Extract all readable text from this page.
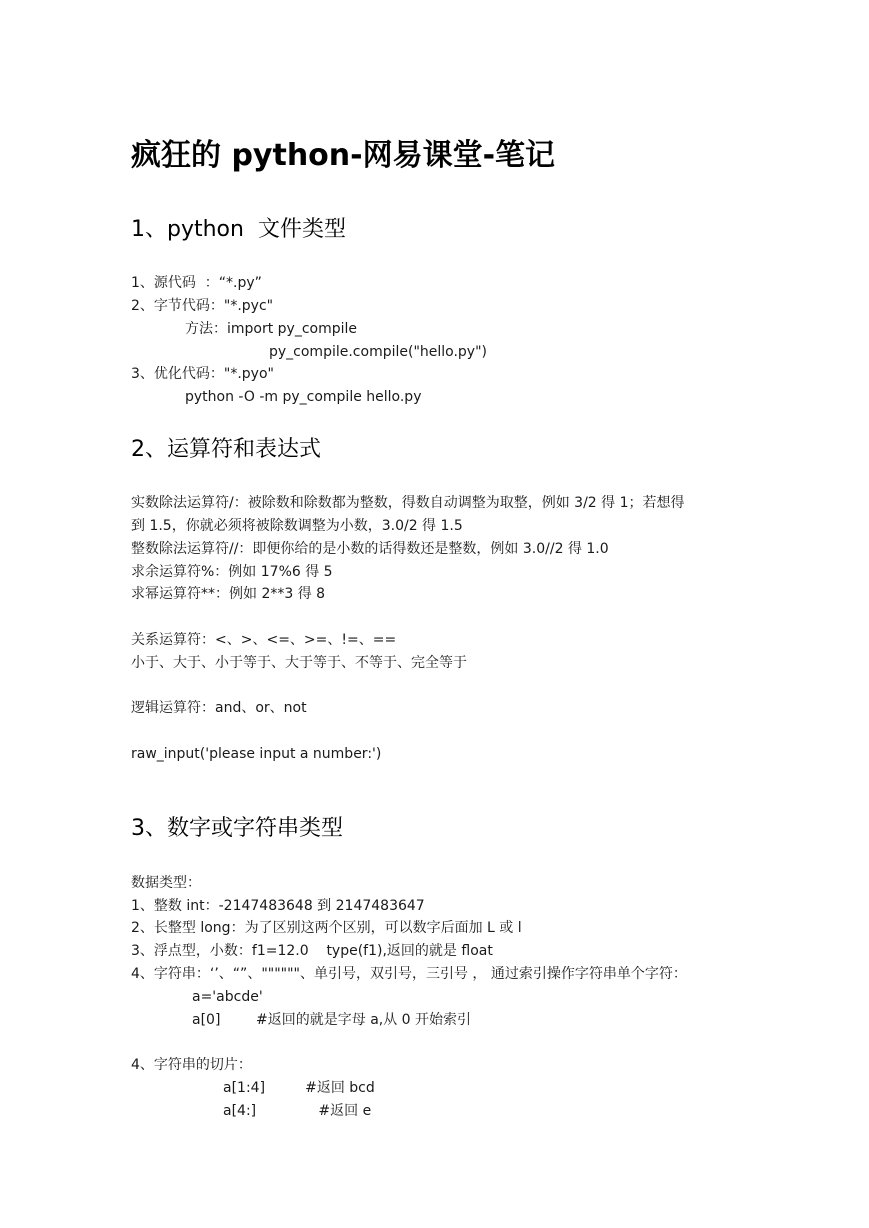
疯狂的 python-网易课堂-笔记
1、python  文件类型
1、源代码  ：“*.py”
2、字节代码："*.pyc"
方法：import py_compile
py_compile.compile("hello.py")
3、优化代码："*.pyo"
python -O -m py_compile hello.py
2、运算符和表达式
实数除法运算符/：被除数和除数都为整数，得数自动调整为取整，例如 3/2 得 1；若想得
到 1.5，你就必须将被除数调整为小数，3.0/2 得 1.5
整数除法运算符//：即便你给的是小数的话得数还是整数，例如 3.0//2 得 1.0
求余运算符%：例如 17%6 得 5
求幂运算符**：例如 2**3 得 8
关系运算符：<、>、<=、>=、!=、==
小于、大于、小于等于、大于等于、不等于、完全等于
逻辑运算符：and、or、not
raw_input('please input a number:')
3、数字或字符串类型
数据类型：
1、整数 int：-2147483648 到 2147483647
2、长整型 long：为了区别这两个区别，可以数字后面加 L 或 l
3、浮点型，小数：f1=12.0    type(f1),返回的就是 float
4、字符串：‘’、“”、""""""、单引号，双引号，三引号 ， 通过索引操作字符串单个字符：
a='abcde'
a[0]        #返回的就是字母 a,从 0 开始索引
4、字符串的切片：
a[1:4]         #返回 bcd
a[4:]              #返回 e
